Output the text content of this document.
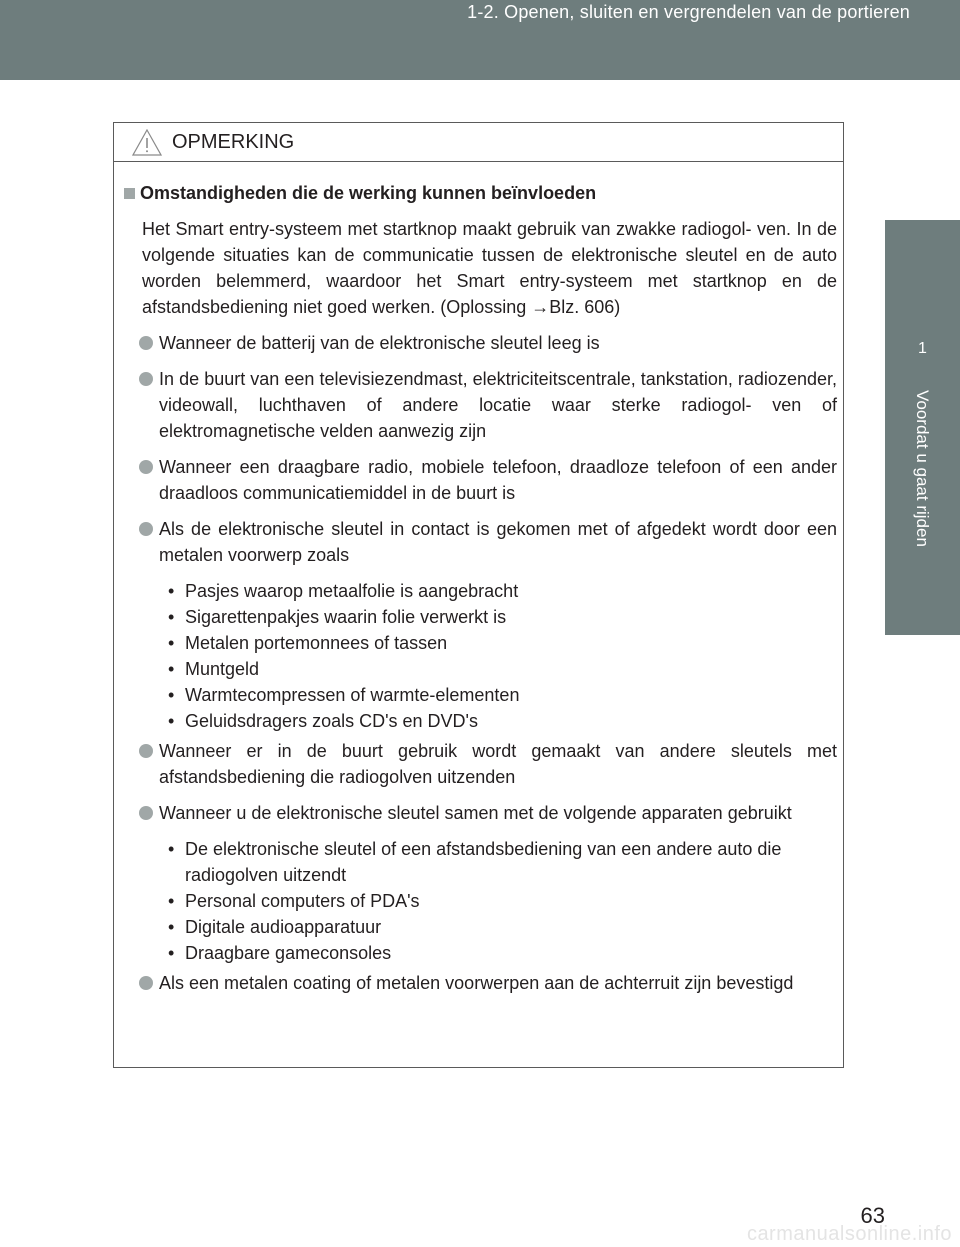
1-2. Openen, sluiten en vergrendelen van de portieren
1
Voordat u gaat rijden
OPMERKING
Omstandigheden die de werking kunnen beïnvloeden
Het Smart entry-systeem met startknop maakt gebruik van zwakke radiogol- ven. In de volgende situaties kan de communicatie tussen de elektronische sleutel en de auto worden belemmerd, waardoor het Smart entry-systeem met startknop en de afstandsbediening niet goed werken. (Oplossing →Blz. 606)
Wanneer de batterij van de elektronische sleutel leeg is
In de buurt van een televisiezendmast, elektriciteitscentrale, tankstation, radiozender, videowall, luchthaven of andere locatie waar sterke radiogol- ven of elektromagnetische velden aanwezig zijn
Wanneer een draagbare radio, mobiele telefoon, draadloze telefoon of een ander draadloos communicatiemiddel in de buurt is
Als de elektronische sleutel in contact is gekomen met of afgedekt wordt door een metalen voorwerp zoals
• Pasjes waarop metaalfolie is aangebracht
• Sigarettenpakjes waarin folie verwerkt is
• Metalen portemonnees of tassen
• Muntgeld
• Warmtecompressen of warmte-elementen
• Geluidsdragers zoals CD's en DVD's
Wanneer er in de buurt gebruik wordt gemaakt van andere sleutels met afstandsbediening die radiogolven uitzenden
Wanneer u de elektronische sleutel samen met de volgende apparaten gebruikt
• De elektronische sleutel of een afstandsbediening van een andere auto die radiogolven uitzendt
• Personal computers of PDA's
• Digitale audioapparatuur
• Draagbare gameconsoles
Als een metalen coating of metalen voorwerpen aan de achterruit zijn bevestigd
63
carmanualsonline.info
